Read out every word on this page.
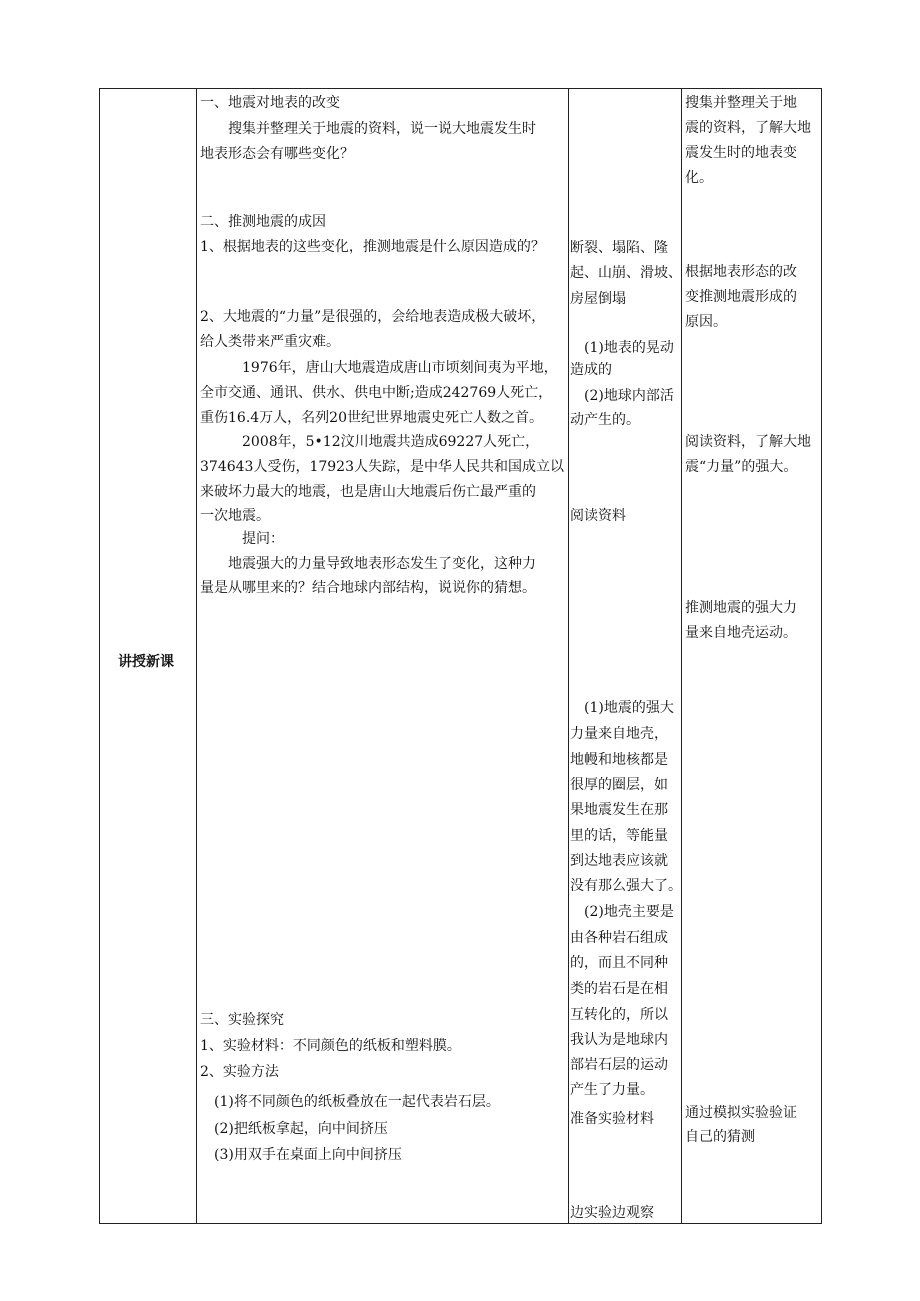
讲授新课
一、地震对地表的改变
　　搜集并整理关于地震的资料，说一说大地震发生时
地表形态会有哪些变化？
二、推测地震的成因
1、根据地表的这些变化，推测地震是什么原因造成的？
2、大地震的“力量”是很强的，会给地表造成极大破坏，
给人类带来严重灾难。
　　　1976年，唐山大地震造成唐山市顷刻间夷为平地，
全市交通、通讯、供水、供电中断;造成242769人死亡，
重伤16.4万人，名列20世纪世界地震史死亡人数之首。
　　　2008年，5•12汶川地震共造成69227人死亡，
374643人受伤，17923人失踪，是中华人民共和国成立以
来破坏力最大的地震，也是唐山大地震后伤亡最严重的
一次地震。
　　　提问：
　　地震强大的力量导致地表形态发生了变化，这种力
量是从哪里来的？结合地球内部结构，说说你的猜想。
三、实验探究
1、实验材料：不同颜色的纸板和塑料膜。
2、实验方法
　(1)将不同颜色的纸板叠放在一起代表岩石层。
　(2)把纸板拿起，向中间挤压
　(3)用双手在桌面上向中间挤压
断裂、塌陷、隆
起、山崩、滑坡、
房屋倒塌
　(1)地表的晃动
造成的
　(2)地球内部活
动产生的。
阅读资料
　(1)地震的强大
力量来自地壳，
地幔和地核都是
很厚的圈层，如
果地震发生在那
里的话，等能量
到达地表应该就
没有那么强大了。
　(2)地壳主要是
由各种岩石组成
的，而且不同种
类的岩石是在相
互转化的，所以
我认为是地球内
部岩石层的运动
产生了力量。
准备实验材料
边实验边观察
搜集并整理关于地
震的资料，了解大地
震发生时的地表变
化。
根据地表形态的改
变推测地震形成的
原因。
阅读资料，了解大地
震“力量”的强大。
推测地震的强大力
量来自地壳运动。
通过模拟实验验证
自己的猜测
